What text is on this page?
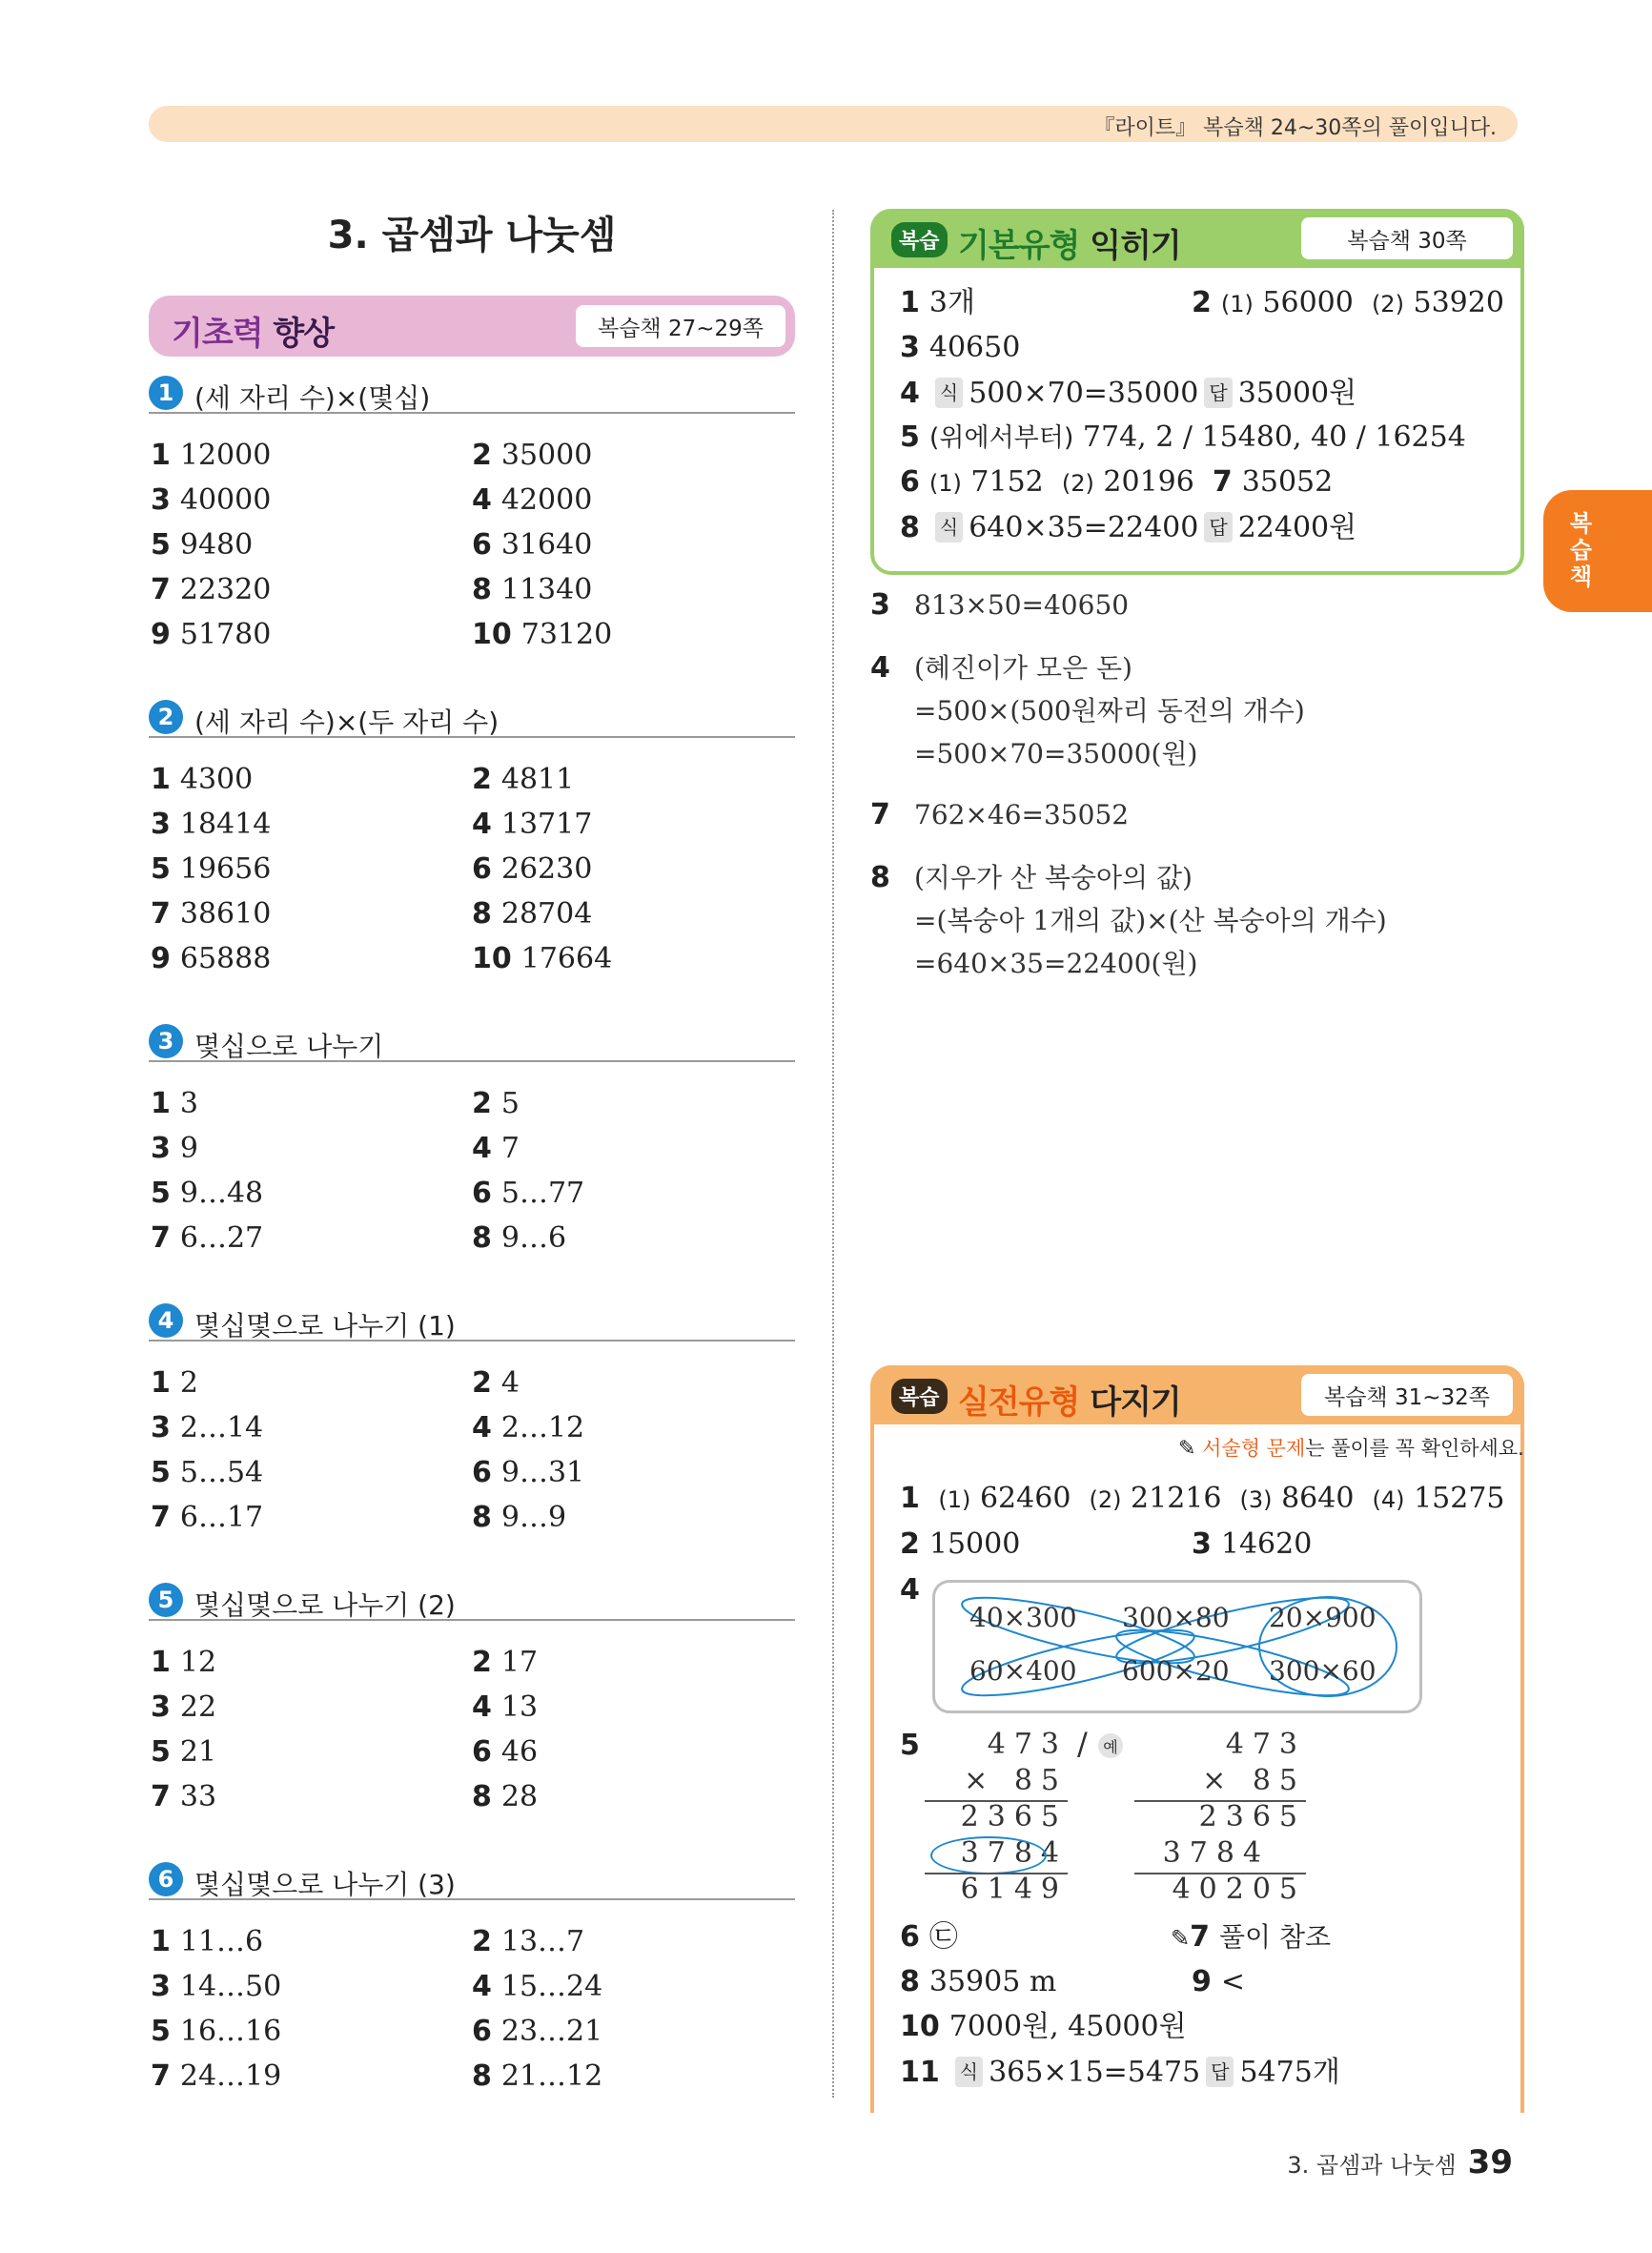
『라이트』 복습책 24~30쪽의 풀이입니다.
3. 곱셈과 나눗셈
기초력 향상	복습책 27~29쪽
1 (세 자리 수)×(몇십)
1 12000	2 35000
3 40000	4 42000
5 9480	6 31640
7 22320	8 11340
9 51780	10 73120
2 (세 자리 수)×(두 자리 수)
1 4300	2 4811
3 18414	4 13717
5 19656	6 26230
7 38610	8 28704
9 65888	10 17664
3 몇십으로 나누기
1 3	2 5
3 9	4 7
5 9…48	6 5…77
7 6…27	8 9…6
4 몇십몇으로 나누기 (1)
1 2	2 4
3 2…14	4 2…12
5 5…54	6 9…31
7 6…17	8 9…9
5 몇십몇으로 나누기 (2)
1 12	2 17
3 22	4 13
5 21	6 46
7 33	8 28
6 몇십몇으로 나누기 (3)
1 11…6	2 13…7
3 14…50	4 15…24
5 16…16	6 23…21
7 24…19	8 21…12
복습 기본유형 익히기	복습책 30쪽
1 3개	2 (1) 56000 (2) 53920
3 40650
4 식 500×70=35000 답 35000원
5 (위에서부터) 774, 2 / 15480, 40 / 16254
6 (1) 7152 (2) 20196 7 35052
8 식 640×35=22400 답 22400원
3 813×50=40650
4 (혜진이가 모은 돈)
=500×(500원짜리 동전의 개수)
=500×70=35000(원)
7 762×46=35052
8 (지우가 산 복숭아의 값)
=(복숭아 1개의 값)×(산 복숭아의 개수)
=640×35=22400(원)
복습책
복습 실전유형 다지기	복습책 31~32쪽
✎ 서술형 문제는 풀이를 꼭 확인하세요.
1 (1) 62460 (2) 21216 (3) 8640 (4) 15275
2 15000	3 14620
4
40×300 300×80 20×900
60×400 600×20 300×60
5	473
× 85
2365
3784
6149
/	예	473
× 85
2365
3784
40205
6 ㉢	✎7 풀이 참조
8 35905 m	9 <
10 7000원, 45000원
11 식 365×15=5475 답 5475개
3. 곱셈과 나눗셈 39
